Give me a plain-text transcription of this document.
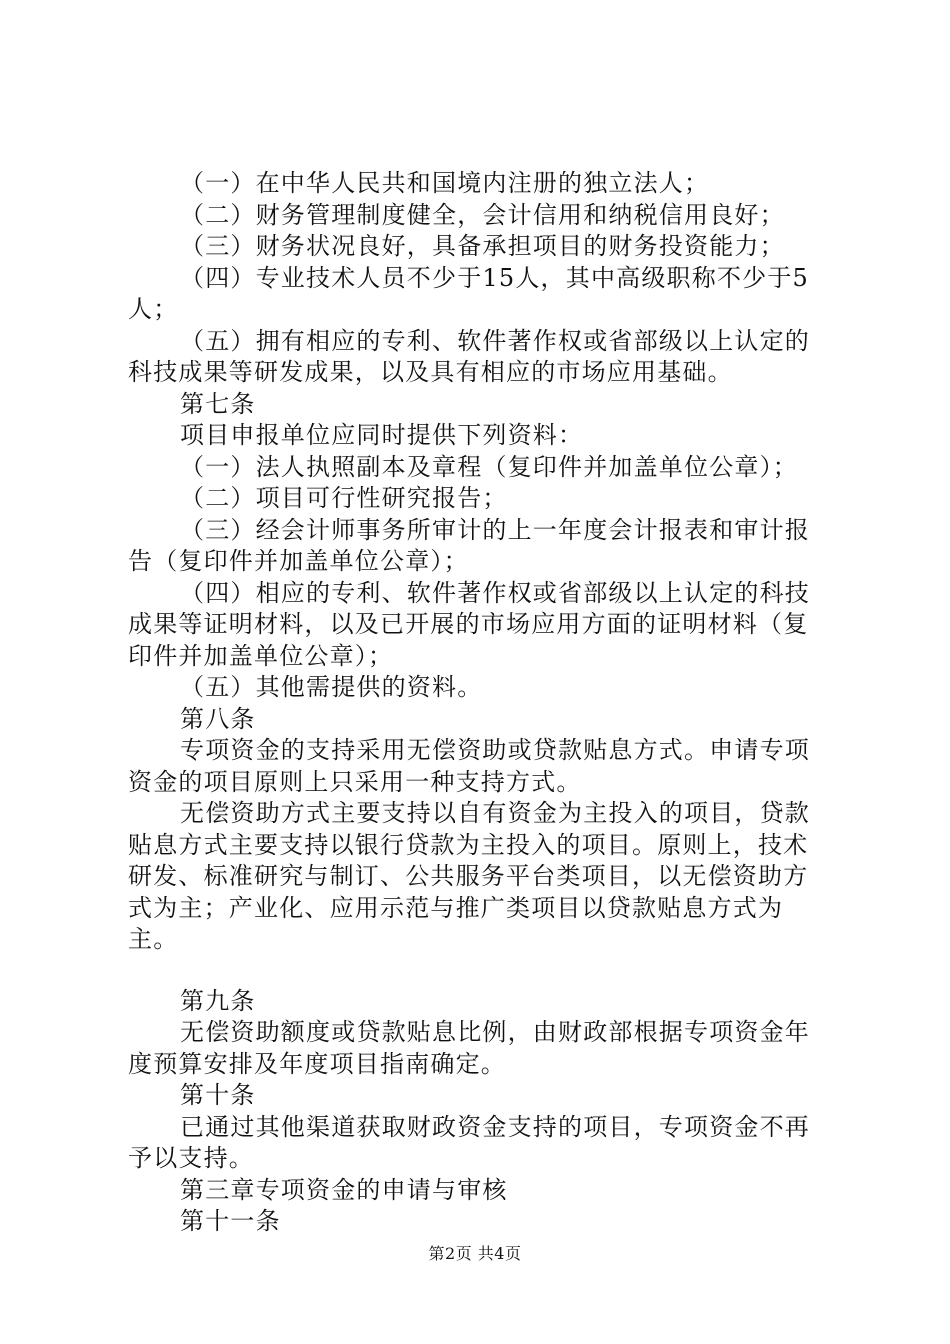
（一）在中华人民共和国境内注册的独立法人；

（二）财务管理制度健全，会计信用和纳税信用良好；

（三）财务状况良好，具备承担项目的财务投资能力；

（四）专业技术人员不少于15人，其中高级职称不少于5人；

（五）拥有相应的专利、软件著作权或省部级以上认定的科技成果等研发成果，以及具有相应的市场应用基础。

第七条

项目申报单位应同时提供下列资料：

（一）法人执照副本及章程（复印件并加盖单位公章）；

（二）项目可行性研究报告；

（三）经会计师事务所审计的上一年度会计报表和审计报告（复印件并加盖单位公章）；

（四）相应的专利、软件著作权或省部级以上认定的科技成果等证明材料，以及已开展的市场应用方面的证明材料（复印件并加盖单位公章）；

（五）其他需提供的资料。

第八条

专项资金的支持采用无偿资助或贷款贴息方式。申请专项资金的项目原则上只采用一种支持方式。

无偿资助方式主要支持以自有资金为主投入的项目，贷款贴息方式主要支持以银行贷款为主投入的项目。原则上，技术研发、标准研究与制订、公共服务平台类项目，以无偿资助方式为主；产业化、应用示范与推广类项目以贷款贴息方式为主。

第九条

无偿资助额度或贷款贴息比例，由财政部根据专项资金年度预算安排及年度项目指南确定。

第十条

已通过其他渠道获取财政资金支持的项目，专项资金不再予以支持。

第三章专项资金的申请与审核

第十一条

第2页 共4页
